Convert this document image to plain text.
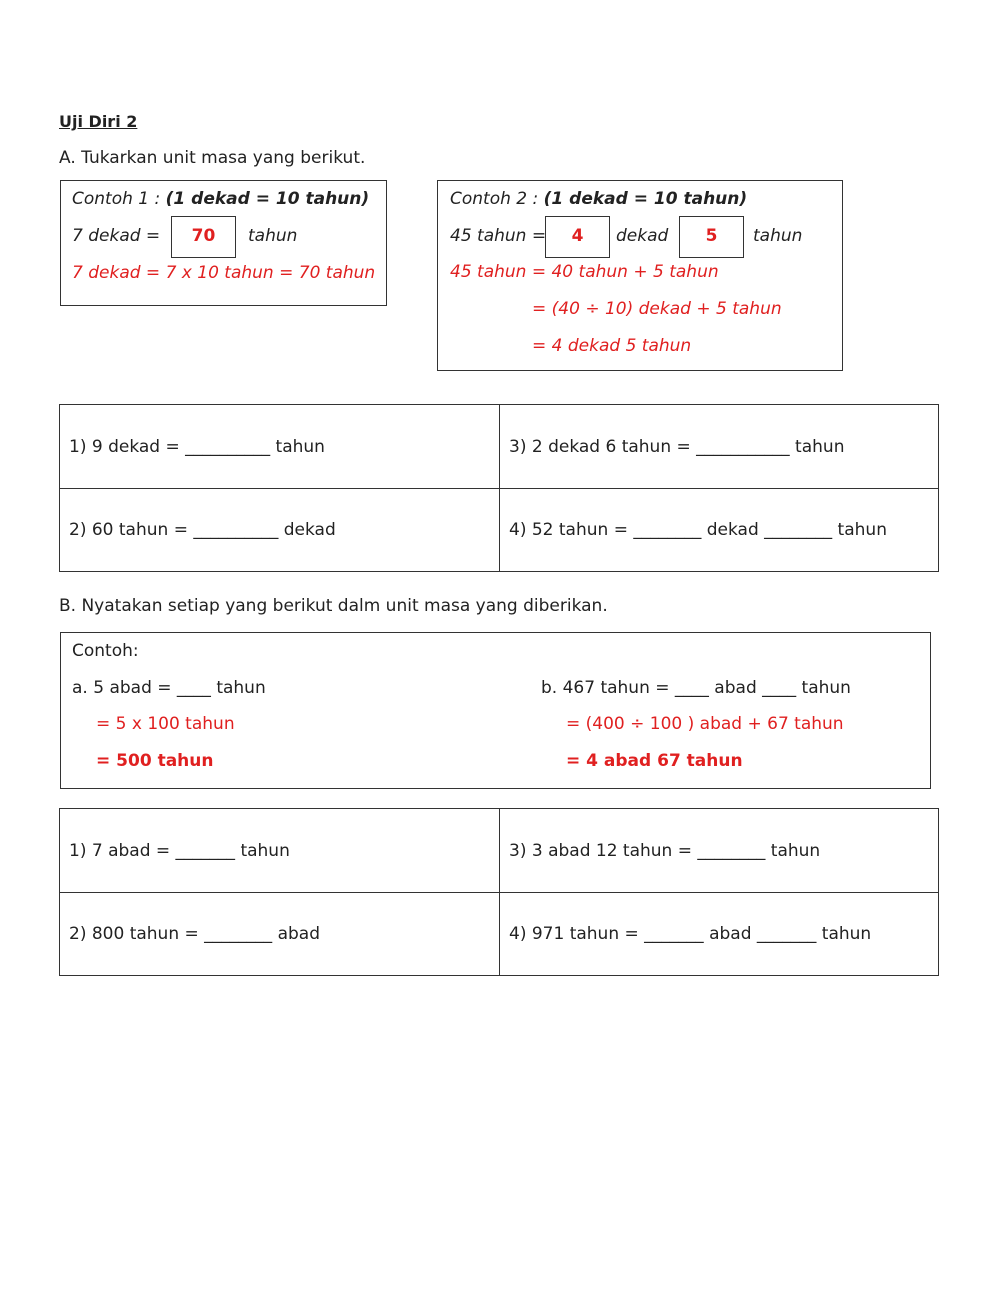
Uji Diri 2
A. Tukarkan unit masa yang berikut.
Contoh 1 : (1 dekad = 10 tahun)
7 dekad =	70	tahun
7 dekad = 7 x 10 tahun = 70 tahun
Contoh 2 : (1 dekad = 10 tahun)
45 tahun =	4	dekad	5	tahun
45 tahun = 40 tahun + 5 tahun
= (40 ÷ 10) dekad + 5 tahun
= 4 dekad 5 tahun
1) 9 dekad = __________ tahun	3) 2 dekad 6 tahun = ___________ tahun
2) 60 tahun = __________ dekad	4) 52 tahun = ________ dekad ________ tahun
B. Nyatakan setiap yang berikut dalm unit masa yang diberikan.
Contoh:
a. 5 abad = ____ tahun
= 5 x 100 tahun
= 500 tahun
b. 467 tahun = ____ abad ____ tahun
= (400 ÷ 100 ) abad + 67 tahun
= 4 abad 67 tahun
1) 7 abad = _______ tahun	3) 3 abad 12 tahun = ________ tahun
2) 800 tahun = ________ abad	4) 971 tahun = _______ abad _______ tahun
